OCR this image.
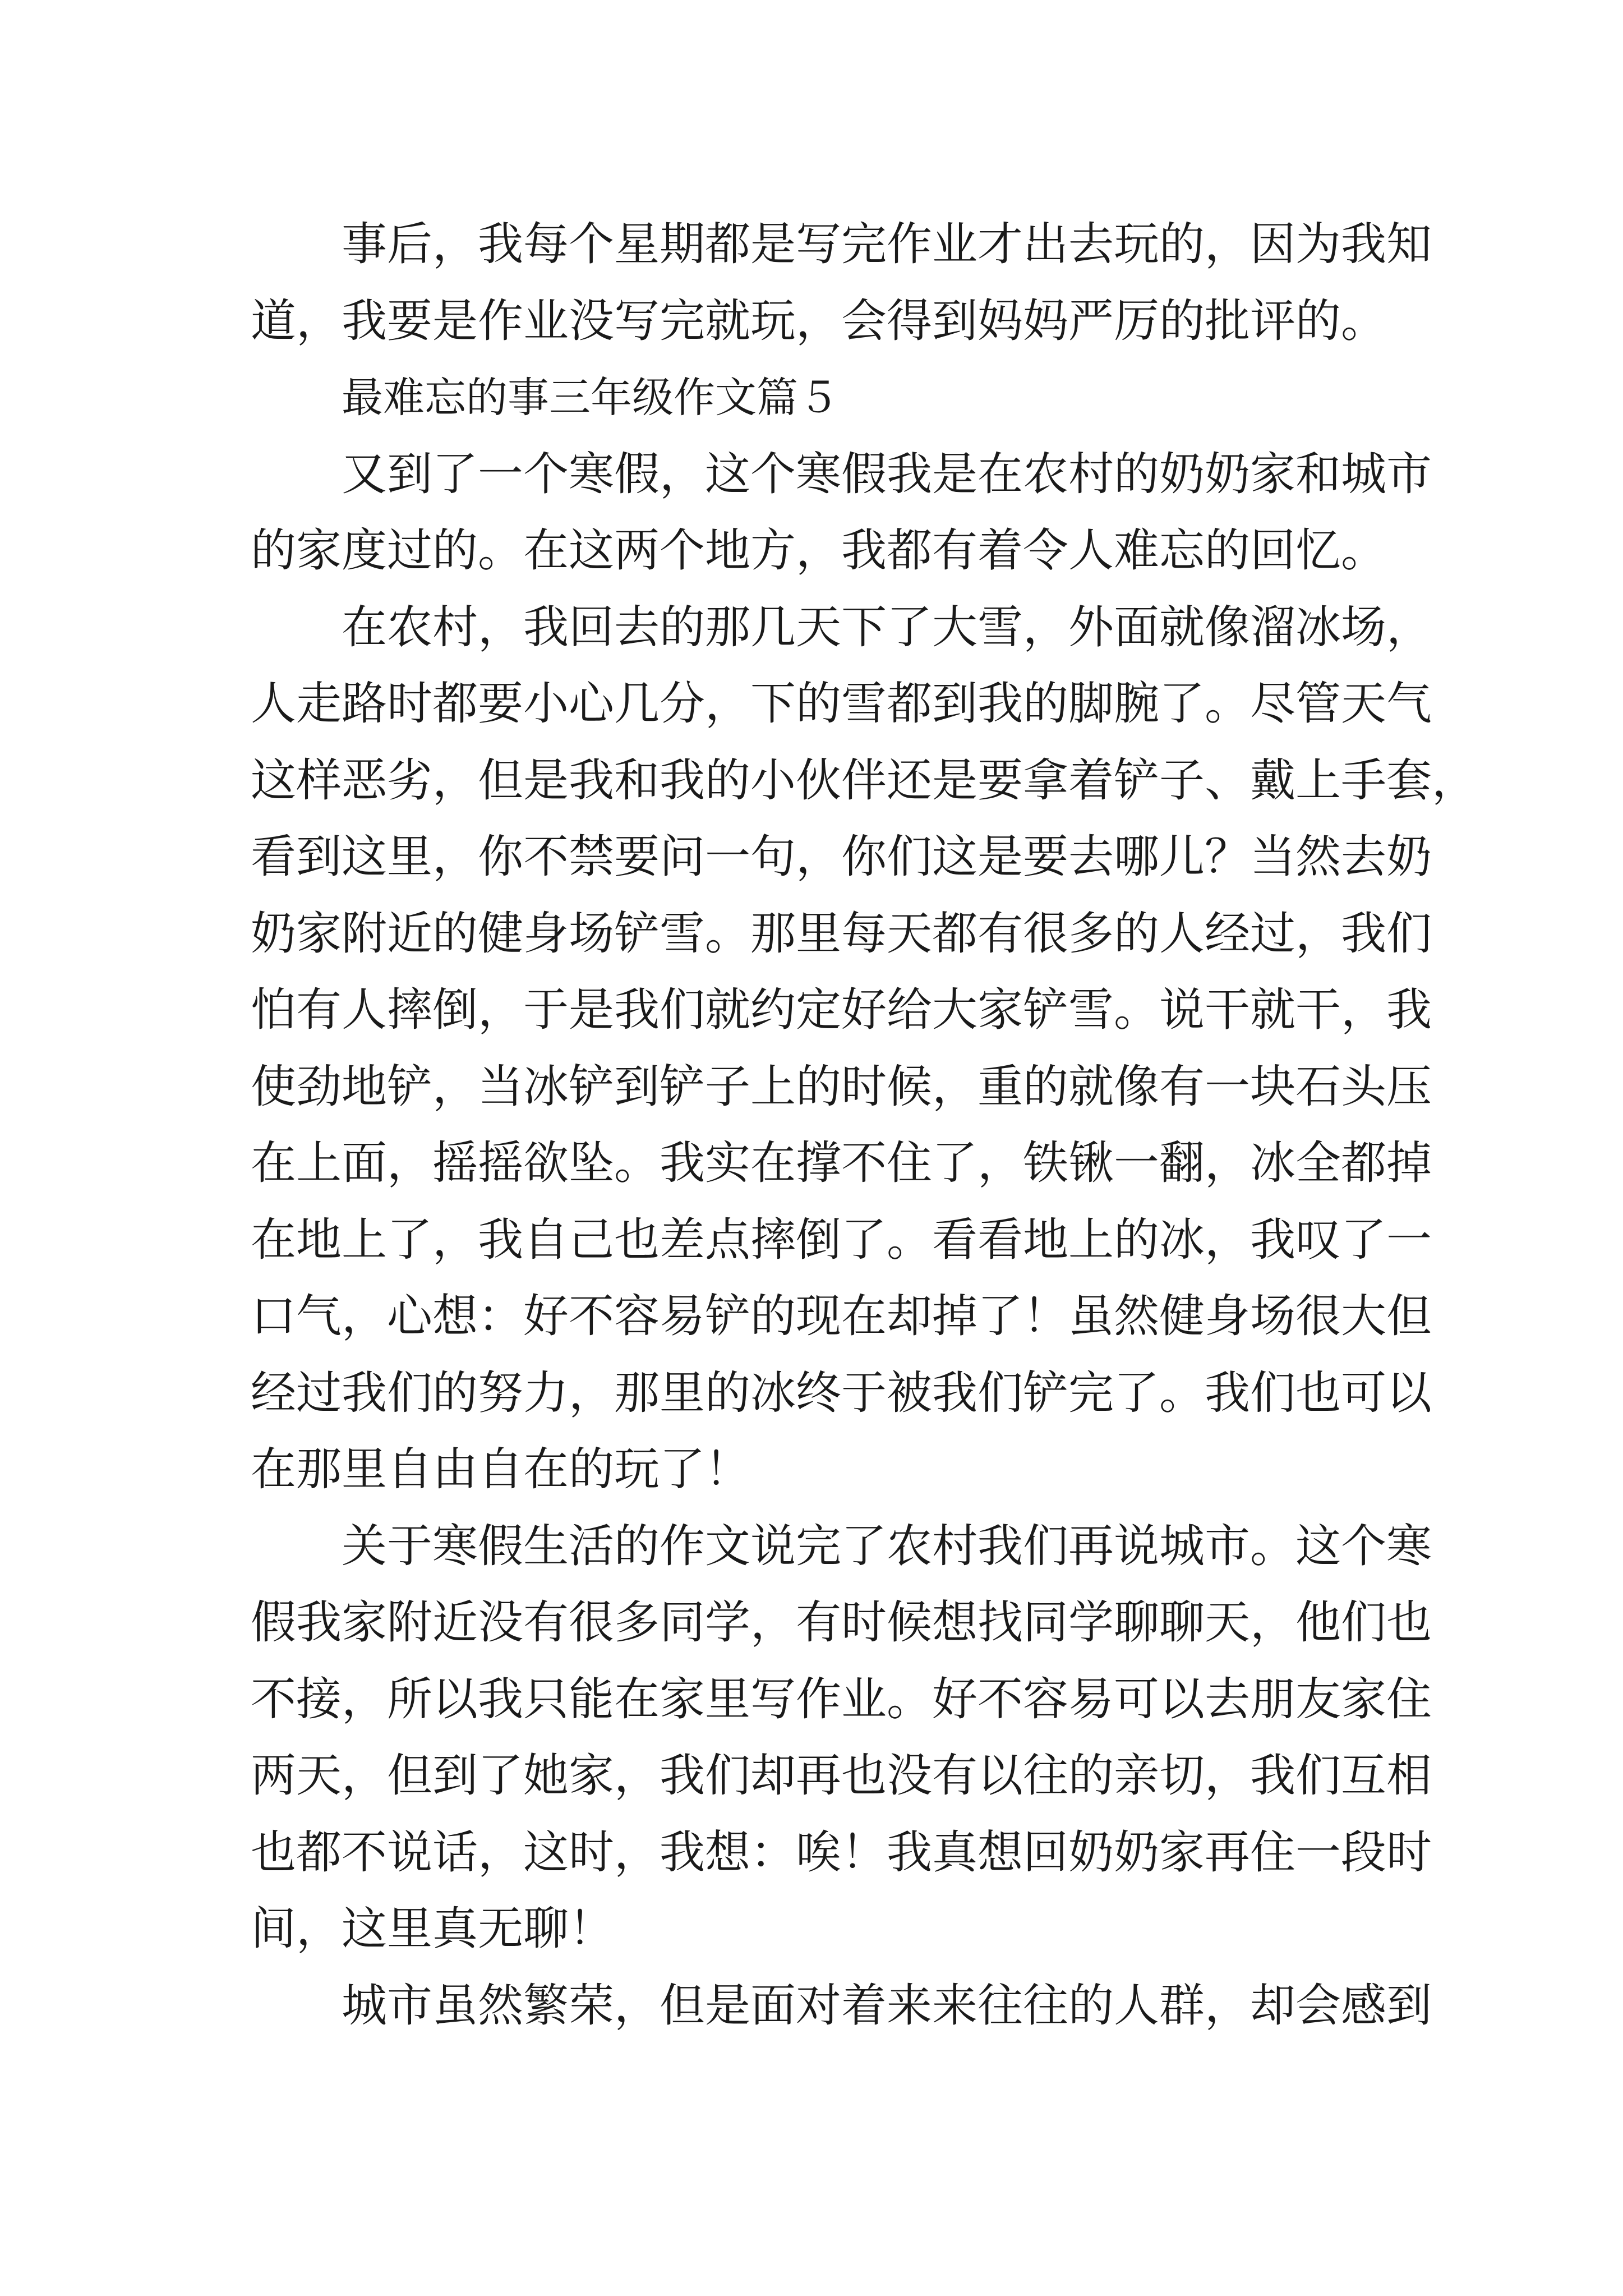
事后，我每个星期都是写完作业才出去玩的，因为我知
道，我要是作业没写完就玩，会得到妈妈严厉的批评的。
最难忘的事三年级作文篇５
又到了一个寒假，这个寒假我是在农村的奶奶家和城市
的家度过的。在这两个地方，我都有着令人难忘的回忆。
在农村，我回去的那几天下了大雪，外面就像溜冰场，
人走路时都要小心几分，下的雪都到我的脚腕了。尽管天气
这样恶劣，但是我和我的小伙伴还是要拿着铲子、戴上手套，
看到这里，你不禁要问一句，你们这是要去哪儿？当然去奶
奶家附近的健身场铲雪。那里每天都有很多的人经过，我们
怕有人摔倒，于是我们就约定好给大家铲雪。说干就干，我
使劲地铲，当冰铲到铲子上的时候，重的就像有一块石头压
在上面，摇摇欲坠。我实在撑不住了，铁锹一翻，冰全都掉
在地上了，我自己也差点摔倒了。看看地上的冰，我叹了一
口气，心想：好不容易铲的现在却掉了！虽然健身场很大但
经过我们的努力，那里的冰终于被我们铲完了。我们也可以
在那里自由自在的玩了！
关于寒假生活的作文说完了农村我们再说城市。这个寒
假我家附近没有很多同学，有时候想找同学聊聊天，他们也
不接，所以我只能在家里写作业。好不容易可以去朋友家住
两天，但到了她家，我们却再也没有以往的亲切，我们互相
也都不说话，这时，我想：唉！我真想回奶奶家再住一段时
间，这里真无聊！
城市虽然繁荣，但是面对着来来往往的人群，却会感到
